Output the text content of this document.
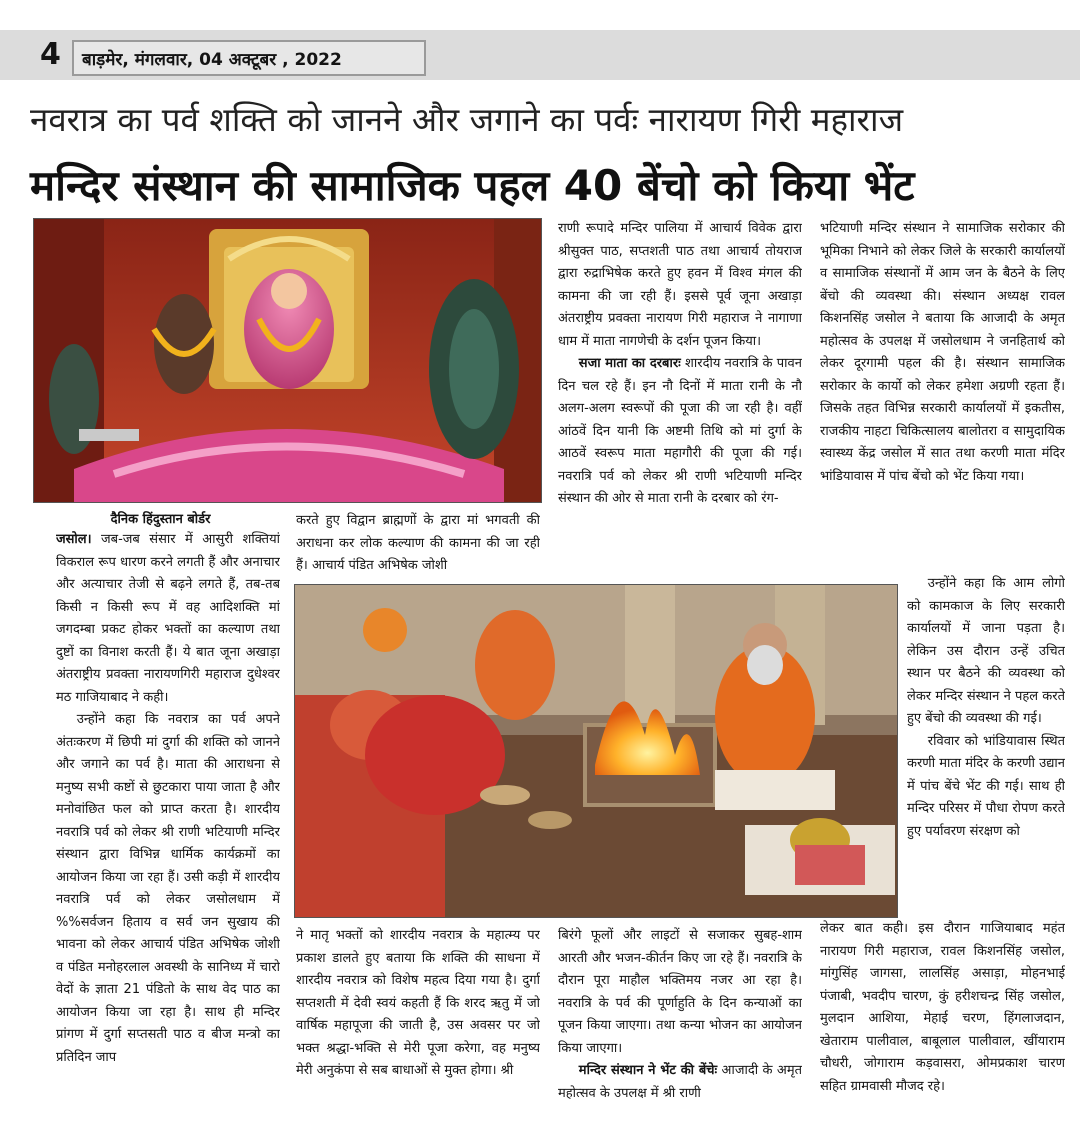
4	बाड़मेर, मंगलवार, 04 अक्टूबर , 2022
नवरात्र का पर्व शक्ति को जानने और जगाने का पर्वः नारायण गिरी महाराज
मन्दिर संस्थान की सामाजिक पहल 40 बेंचो को किया भेंट
दैनिक हिंदुस्तान बोर्डर

जसोल। जब-जब संसार में आसुरी शक्तियां विकराल रूप धारण करने लगती हैं और अनाचार और अत्याचार तेजी से बढ़ने लगते हैं, तब-तब किसी न किसी रूप में वह आदिशक्ति मां जगदम्बा प्रकट होकर भक्तों का कल्याण तथा दुष्टों का विनाश करती हैं। ये बात जूना अखाड़ा अंतराष्ट्रीय प्रवक्ता नारायणगिरी महाराज दुधेश्वर मठ गाजियाबाद ने कही।

उन्होंने कहा कि नवरात्र का पर्व अपने अंतःकरण में छिपी मां दुर्गा की शक्ति को जानने और जगाने का पर्व है। माता की आराधना से मनुष्य सभी कष्टों से छुटकारा पाया जाता है और मनोवांछित फल को प्राप्त करता है। शारदीय नवरात्रि पर्व को लेकर श्री राणी भटियाणी मन्दिर संस्थान द्वारा विभिन्न धार्मिक कार्यक्रमों का आयोजन किया जा रहा हैं। उसी कड़ी में शारदीय नवरात्रि पर्व को लेकर जसोलधाम में %%सर्वजन हिताय व सर्व जन सुखाय की भावना को लेकर आचार्य पंडित अभिषेक जोशी व पंडित मनोहरलाल अवस्थी के सानिध्य में चारो वेदों के ज्ञाता 21 पंडितो के साथ वेद पाठ का आयोजन किया जा रहा है। साथ ही मन्दिर प्रांगण में दुर्गा सप्तसती पाठ व बीज मन्त्रो का प्रतिदिन जाप

करते हुए विद्वान ब्राह्मणों के द्वारा मां भगवती की अराधना कर लोक कल्याण की कामना की जा रही हैं। आचार्य पंडित अभिषेक जोशी

राणी रूपादे मन्दिर पालिया में आचार्य विवेक द्वारा श्रीसुक्त पाठ, सप्तशती पाठ तथा आचार्य तोयराज द्वारा रुद्राभिषेक करते हुए हवन में विश्व मंगल की कामना की जा रही हैं। इससे पूर्व जूना अखाड़ा अंतराष्ट्रीय प्रवक्ता नारायण गिरी महाराज ने नागाणा धाम में माता नागणेची के दर्शन पूजन किया।

सजा माता का दरबारः शारदीय नवरात्रि के पावन दिन चल रहे हैं। इन नौ दिनों में माता रानी के नौ अलग-अलग स्वरूपों की पूजा की जा रही है। वहीं आंठवें दिन यानी कि अष्टमी तिथि को मां दुर्गा के आठवें स्वरूप माता महागौरी की पूजा की गई। नवरात्रि पर्व को लेकर श्री राणी भटियाणी मन्दिर संस्थान की ओर से माता रानी के दरबार को रंग-

भटियाणी मन्दिर संस्थान ने सामाजिक सरोकार की भूमिका निभाने को लेकर जिले के सरकारी कार्यालयों व सामाजिक संस्थानों में आम जन के बैठने के लिए बेंचो की व्यवस्था की। संस्थान अध्यक्ष रावल किशनसिंह जसोल ने बताया कि आजादी के अमृत महोत्सव के उपलक्ष में जसोलधाम ने जनहितार्थ को लेकर दूरगामी पहल की है। संस्थान सामाजिक सरोकार के कार्यो को लेकर हमेशा अग्रणी रहता हैं। जिसके तहत विभिन्न सरकारी कार्यालयों में इकतीस, राजकीय नाहटा चिकित्सालय बालोतरा व सामुदायिक स्वास्थ्य केंद्र जसोल में सात तथा करणी माता मंदिर भांडियावास में पांच बेंचो को भेंट किया गया।

उन्होंने कहा कि आम लोगो को कामकाज के लिए सरकारी कार्यालयों में जाना पड़ता है। लेकिन उस दौरान उन्हें उचित स्थान पर बैठने की व्यवस्था को लेकर मन्दिर संस्थान ने पहल करते हुए बेंचो की व्यवस्था की गई।

रविवार को भांडियावास स्थित करणी माता मंदिर के करणी उद्यान में पांच बेंचे भेंट की गई। साथ ही मन्दिर परिसर में पौधा रोपण करते हुए पर्यावरण संरक्षण को

ने मातृ भक्तों को शारदीय नवरात्र के महात्म्य पर प्रकाश डालते हुए बताया कि शक्ति की साधना में शारदीय नवरात्र को विशेष महत्व दिया गया है। दुर्गा सप्तशती में देवी स्वयं कहती हैं कि शरद ऋतु में जो वार्षिक महापूजा की जाती है, उस अवसर पर जो भक्त श्रद्धा-भक्ति से मेरी पूजा करेगा, वह मनुष्य मेरी अनुकंपा से सब बाधाओं से मुक्त होगा। श्री

बिरंगे फूलों और लाइटों से सजाकर सुबह-शाम आरती और भजन-कीर्तन किए जा रहे हैं। नवरात्रि के दौरान पूरा माहौल भक्तिमय नजर आ रहा है। नवरात्रि के पर्व की पूर्णाहुति के दिन कन्याओं का पूजन किया जाएगा। तथा कन्या भोजन का आयोजन किया जाएगा।

मन्दिर संस्थान ने भेंट की बेंचेः आजादी के अमृत महोत्सव के उपलक्ष में श्री राणी

लेकर बात कही। इस दौरान गाजियाबाद महंत नारायण गिरी महाराज, रावल किशनसिंह जसोल, मांगुसिंह जागसा, लालसिंह असाड़ा, मोहनभाई पंजाबी, भवदीप चारण, कुं हरीशचन्द्र सिंह जसोल, मुलदान आशिया, मेहाई चरण, हिंगलाजदान, खेताराम पालीवाल, बाबूलाल पालीवाल, खींयाराम चौधरी, जोगाराम कड़वासरा, ओमप्रकाश चारण सहित ग्रामवासी मौजद रहे।
